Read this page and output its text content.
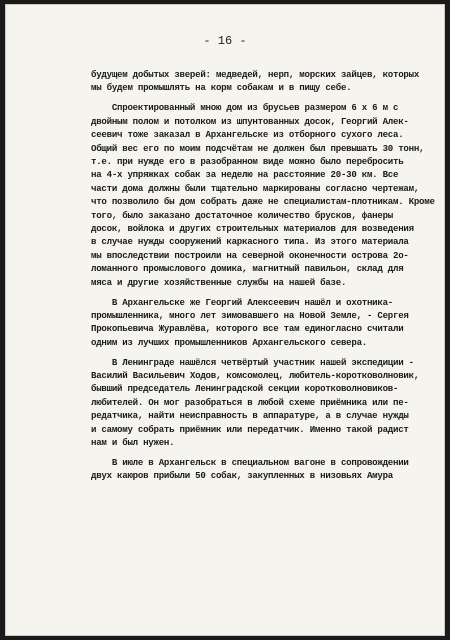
- 16 -
будущем добытых зверей: медведей, нерп, морских зайцев, которых
мы будем промышлять на корм собакам и в пищу себе.
Спроектированный мною дом из брусьев размером 6 х 6 м с
двойным полом и потолком из шпунтованных досок, Георгий Алек-
сеевич тоже заказал в Архангельске из отборного сухого леса.
Общий вес его по моим подсчётам не должен был превышать 30 тонн,
т.е. при нужде его в разобранном виде можно было перебросить
на 4-х упряжках собак за неделю на расстояние 20-30 км. Все
части дома должны были тщательно маркированы согласно чертежам,
что позволило бы дом собрать даже не специалистам-плотникам. Кроме
того, было заказано достаточное количество брусков, фанеры
досок, войлока и других строительных материалов для возведения
в случае нужды сооружений каркасного типа. Из этого материала
мы впоследствии построили на северной оконечности острова 2о-
ломанного промыслового домика, магнитный павильон, склад для
мяса и другие хозяйственные службы на нашей базе.
В Архангельске же Георгий Алексеевич нашёл и охотника-
промышленника, много лет зимовавшего на Новой Земле, - Сергея
Прокопьевича Журавлёва, которого все там единогласно считали
одним из лучших промышленников Архангельского севера.
В Ленинграде нашёлся четвёртый участник нашей экспедиции -
Василий Васильевич Ходов, комсомолец, любитель-коротковолновик,
бывший председатель Ленинградской секции коротковолновиков-
любителей. Он мог разобраться в любой схеме приёмника или пе-
редатчика, найти неисправность в аппаратуре, а в случае нужды
и самому собрать приёмник или передатчик. Именно такой радист
нам и был нужен.
В июле в Архангельск в специальном вагоне в сопровождении
двух каюров прибыли 50 собак, закупленных в низовьях Амура
